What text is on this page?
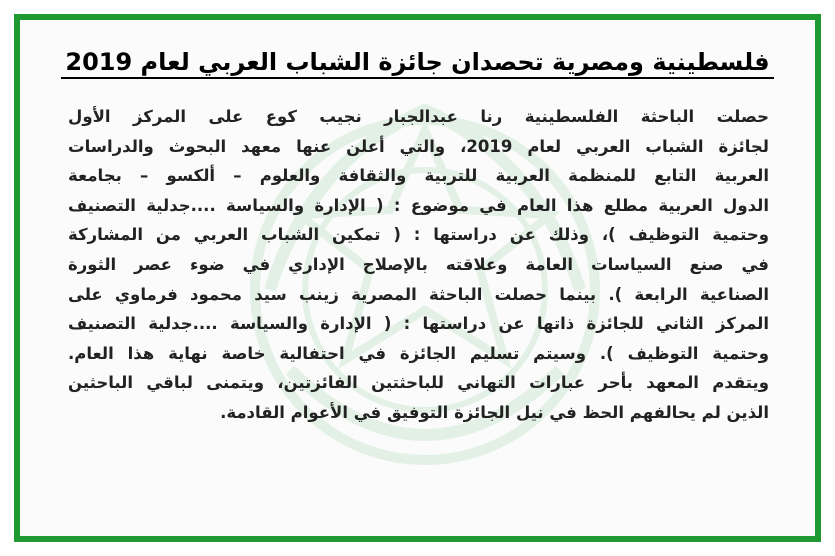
فلسطينية ومصرية تحصدان جائزة الشباب العربي لعام 2019
حصلت الباحثة الفلسطينية رنا عبدالجبار نجيب كوع على المركز الأول
لجائزة الشباب العربي لعام 2019، والتي أعلن عنها معهد البحوث والدراسات
العربية التابع للمنظمة العربية للتربية والثقافة والعلوم – ألكسو – بجامعة
الدول العربية مطلع هذا العام في موضوع : ( الإدارة والسياسة ....جدلية التصنيف
وحتمية التوظيف )، وذلك عن دراستها : ( تمكين الشباب العربي من المشاركة
في صنع السياسات العامة وعلاقته بالإصلاح الإداري في ضوء عصر الثورة
الصناعية الرابعة ). بينما حصلت الباحثة المصرية زينب سيد محمود فرماوي على
المركز الثاني للجائزة ذاتها عن دراستها : ( الإدارة والسياسة ....جدلية التصنيف
وحتمية التوظيف ). وسيتم تسليم الجائزة في احتفالية خاصة نهاية هذا العام.
ويتقدم المعهد بأحر عبارات التهاني للباحثتين الفائزتين، ويتمنى لباقي الباحثين
الذين لم يحالفهم الحظ في نيل الجائزة التوفيق في الأعوام القادمة.
